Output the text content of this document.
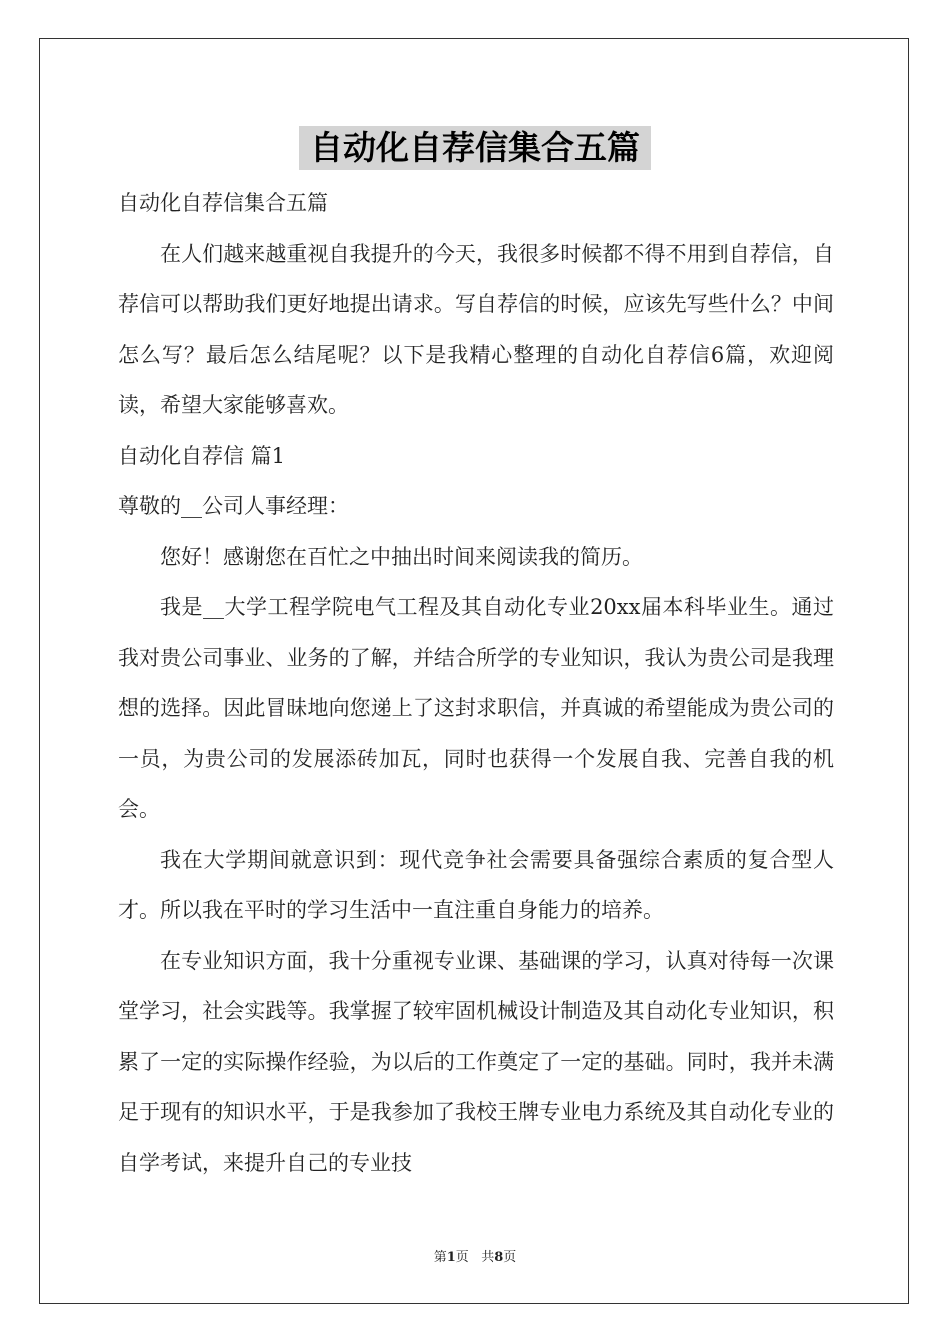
自动化自荐信集合五篇

自动化自荐信集合五篇

在人们越来越重视自我提升的今天，我很多时候都不得不用到自荐信，自荐信可以帮助我们更好地提出请求。写自荐信的时候，应该先写些什么？中间怎么写？最后怎么结尾呢？以下是我精心整理的自动化自荐信6篇，欢迎阅读，希望大家能够喜欢。

自动化自荐信 篇1

尊敬的__公司人事经理：

您好！感谢您在百忙之中抽出时间来阅读我的简历。

我是__大学工程学院电气工程及其自动化专业20xx届本科毕业生。通过我对贵公司事业、业务的了解，并结合所学的专业知识，我认为贵公司是我理想的选择。因此冒昧地向您递上了这封求职信，并真诚的希望能成为贵公司的一员，为贵公司的发展添砖加瓦，同时也获得一个发展自我、完善自我的机会。

我在大学期间就意识到：现代竞争社会需要具备强综合素质的复合型人才。所以我在平时的学习生活中一直注重自身能力的培养。

在专业知识方面，我十分重视专业课、基础课的学习，认真对待每一次课堂学习，社会实践等。我掌握了较牢固机械设计制造及其自动化专业知识，积累了一定的实际操作经验，为以后的工作奠定了一定的基础。同时，我并未满足于现有的知识水平，于是我参加了我校王牌专业电力系统及其自动化专业的自学考试，来提升自己的专业技

第1页 共8页
